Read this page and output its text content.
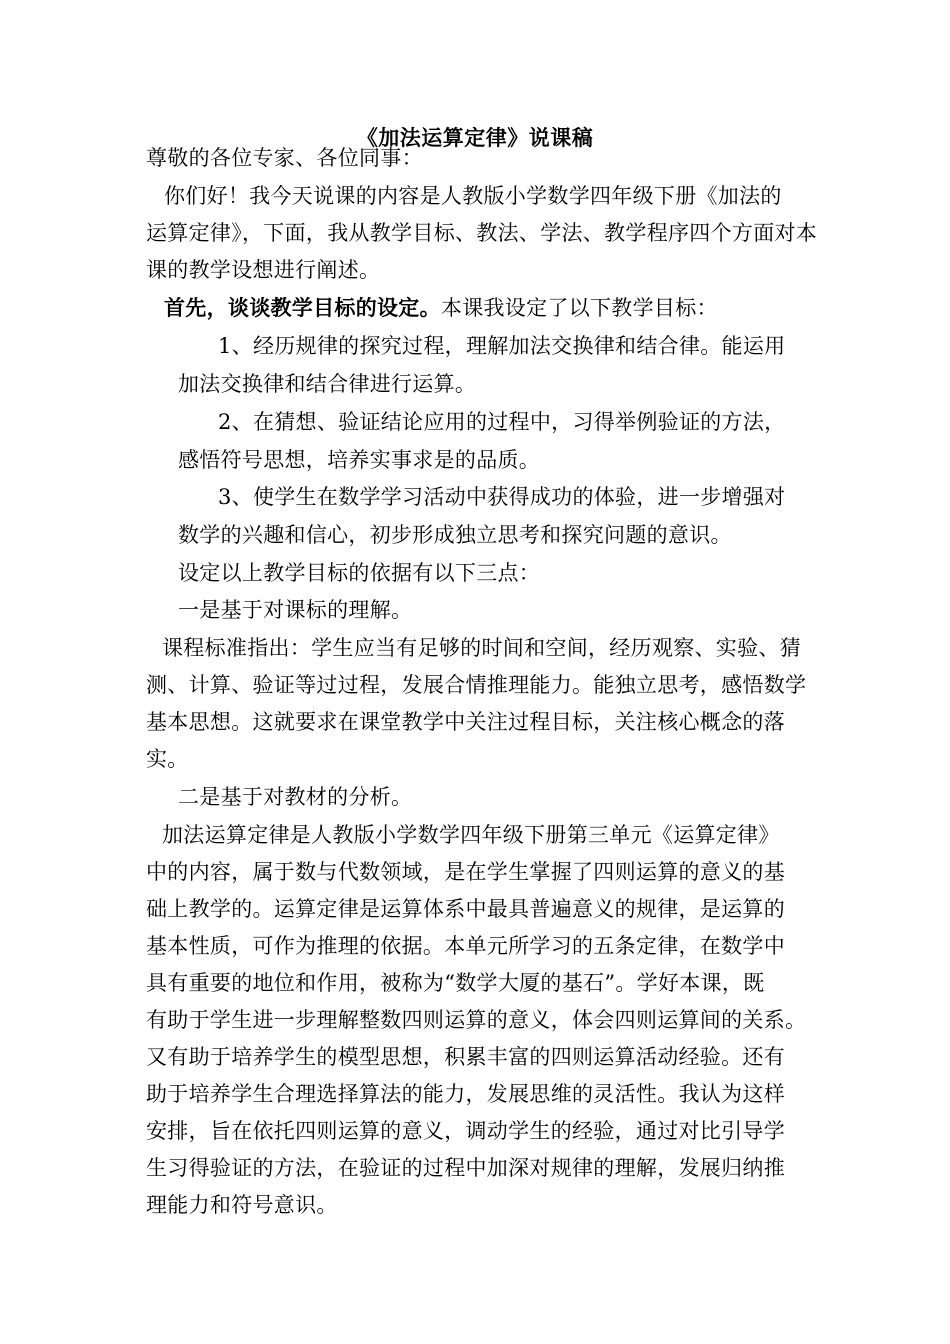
《加法运算定律》说课稿

尊敬的各位专家、各位同事：

你们好！我今天说课的内容是人教版小学数学四年级下册《加法的

运算定律》，下面，我从教学目标、教法、学法、教学程序四个方面对本

课的教学设想进行阐述。

首先，谈谈教学目标的设定。本课我设定了以下教学目标：

1、经历规律的探究过程，理解加法交换律和结合律。能运用

加法交换律和结合律进行运算。

2、在猜想、验证结论应用的过程中，习得举例验证的方法，

感悟符号思想，培养实事求是的品质。

3、使学生在数学学习活动中获得成功的体验，进一步增强对

数学的兴趣和信心，初步形成独立思考和探究问题的意识。

设定以上教学目标的依据有以下三点：

一是基于对课标的理解。

课程标准指出：学生应当有足够的时间和空间，经历观察、实验、猜

测、计算、验证等过过程，发展合情推理能力。能独立思考，感悟数学

基本思想。这就要求在课堂教学中关注过程目标，关注核心概念的落

实。

二是基于对教材的分析。

加法运算定律是人教版小学数学四年级下册第三单元《运算定律》

中的内容，属于数与代数领域，是在学生掌握了四则运算的意义的基

础上教学的。运算定律是运算体系中最具普遍意义的规律，是运算的

基本性质，可作为推理的依据。本单元所学习的五条定律，在数学中

具有重要的地位和作用，被称为“数学大厦的基石”。学好本课，既

有助于学生进一步理解整数四则运算的意义，体会四则运算间的关系。

又有助于培养学生的模型思想，积累丰富的四则运算活动经验。还有

助于培养学生合理选择算法的能力，发展思维的灵活性。我认为这样

安排，旨在依托四则运算的意义，调动学生的经验，通过对比引导学

生习得验证的方法，在验证的过程中加深对规律的理解，发展归纳推

理能力和符号意识。
